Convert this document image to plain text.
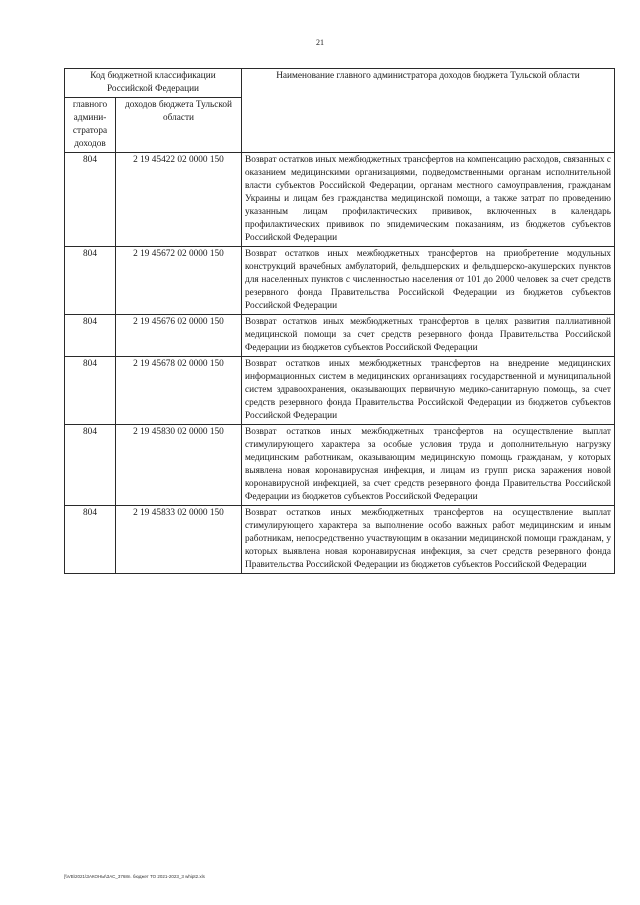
21
Код бюджетной классификации Российской Федерации		Наименование главного администратора доходов бюджета Тульской области
главного админи-стратора доходов	доходов бюджета Тульской области	
804	2 19 45422 02 0000 150	Возврат остатков иных межбюджетных трансфертов на компенсацию расходов, связанных с оказанием медицинскими организациями, подведомственными органам исполнительной власти субъектов Российской Федерации, органам местного самоуправления, гражданам Украины и лицам без гражданства медицинской помощи, а также затрат по проведению указанным лицам профилактических прививок, включенных в календарь профилактических прививок по эпидемическим показаниям, из бюджетов субъектов Российской Федерации
804	2 19 45672 02 0000 150	Возврат остатков иных межбюджетных трансфертов на приобретение модульных конструкций врачебных амбулаторий, фельдшерских и фельдшерско-акушерских пунктов для населенных пунктов с численностью населения от 101 до 2000 человек за счет средств резервного фонда Правительства Российской Федерации из бюджетов субъектов Российской Федерации
804	2 19 45676 02 0000 150	Возврат остатков иных межбюджетных трансфертов в целях развития паллиативной медицинской помощи за счет средств резервного фонда Правительства Российской Федерации из бюджетов субъектов Российской Федерации
804	2 19 45678 02 0000 150	Возврат остатков иных межбюджетных трансфертов на внедрение медицинских информационных систем в медицинских организациях государственной и муниципальной систем здравоохранения, оказывающих первичную медико-санитарную помощь, за счет средств резервного фонда Правительства Российской Федерации из бюджетов субъектов Российской Федерации
804	2 19 45830 02 0000 150	Возврат остатков иных межбюджетных трансфертов на осуществление выплат стимулирующего характера за особые условия труда и дополнительную нагрузку медицинским работникам, оказывающим медицинскую помощь гражданам, у которых выявлена новая коронавирусная инфекция, и лицам из групп риска заражения новой коронавирусной инфекцией, за счет средств резервного фонда Правительства Российской Федерации из бюджетов субъектов Российской Федерации
804	2 19 45833 02 0000 150	Возврат остатков иных межбюджетных трансфертов на осуществление выплат стимулирующего характера за выполнение особо важных работ медицинским и иным работникам, непосредственно участвующим в оказании медицинской помощи гражданам, у которых выявлена новая коронавирусная инфекция, за счет средств резервного фонда Правительства Российской Федерации из бюджетов субъектов Российской Федерации
[\\VB\2021\ЗАКОНЫ\ЗАС_3768n. бюджет ТО 2021-2023_3 whipt2.xls
